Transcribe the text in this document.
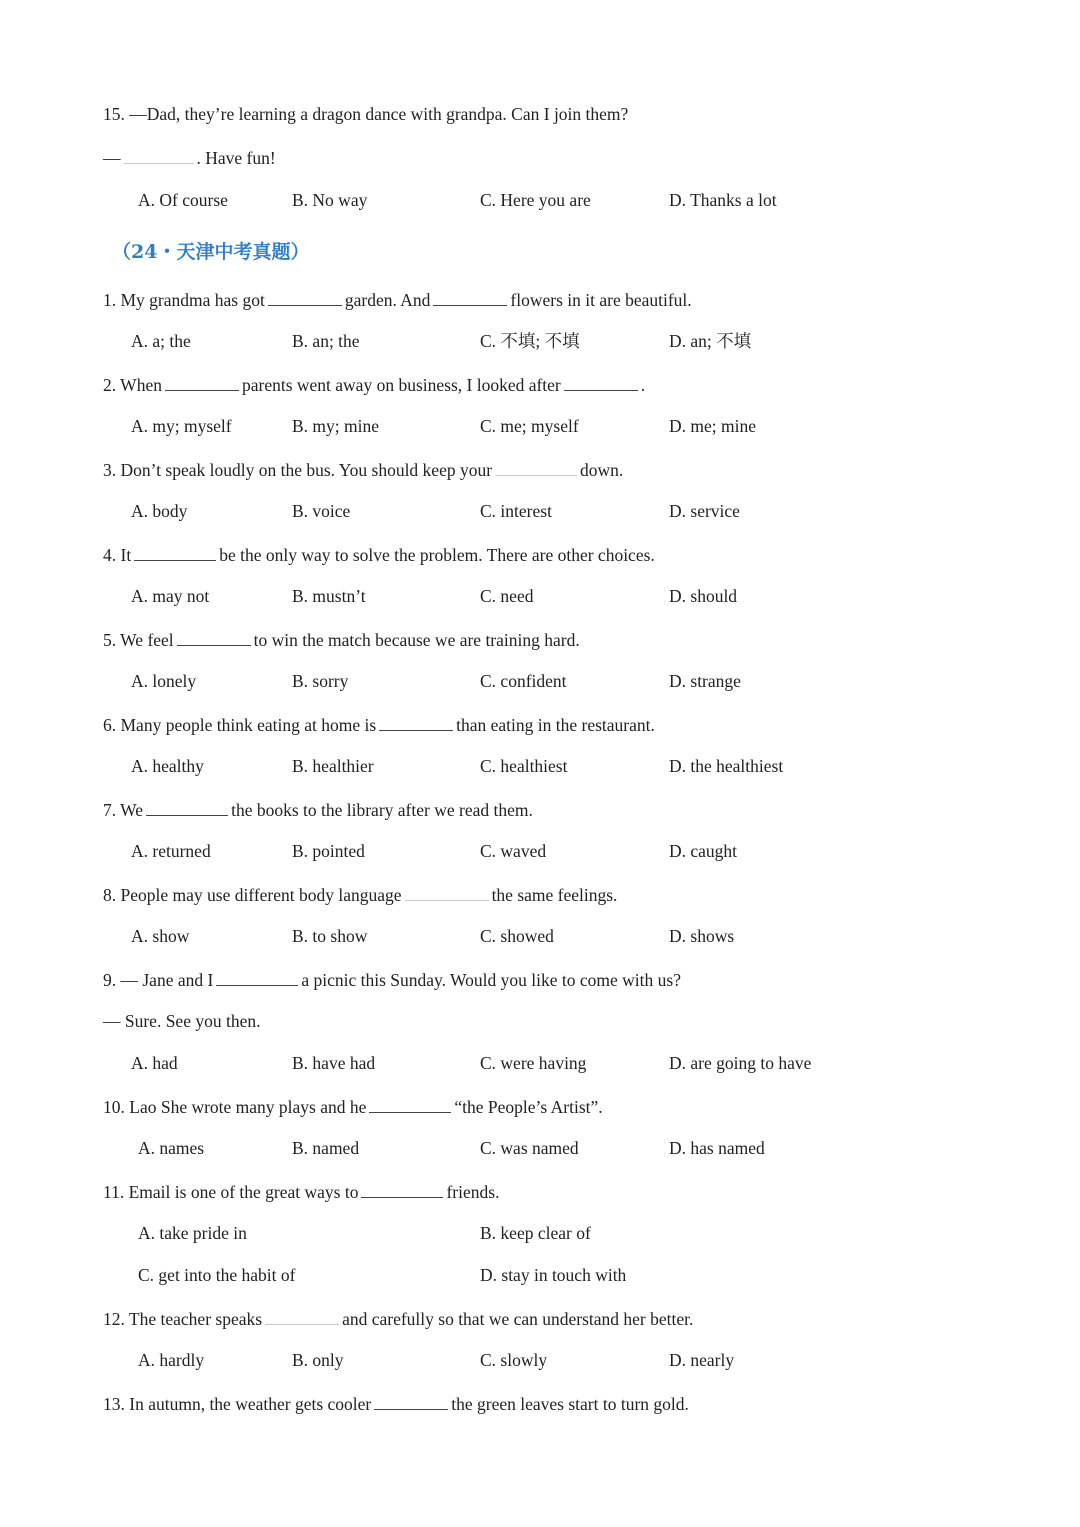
15. —Dad, they’re learning a dragon dance with grandpa. Can I join them?
—	. Have fun!
A. Of course	B. No way	C. Here you are	D. Thanks a lot
（24・天津中考真题）
1. My grandma has got	garden. And	flowers in it are beautiful.
A. a; the	B. an; the	C. 不填; 不填	D. an; 不填
2. When	parents went away on business, I looked after	.
A. my; myself	B. my; mine	C. me; myself	D. me; mine
3. Don’t speak loudly on the bus. You should keep your	down.
A. body	B. voice	C. interest	D. service
4. It	be the only way to solve the problem. There are other choices.
A. may not	B. mustn’t	C. need	D. should
5. We feel	to win the match because we are training hard.
A. lonely	B. sorry	C. confident	D. strange
6. Many people think eating at home is	than eating in the restaurant.
A. healthy	B. healthier	C. healthiest	D. the healthiest
7. We	the books to the library after we read them.
A. returned	B. pointed	C. waved	D. caught
8. People may use different body language	the same feelings.
A. show	B. to show	C. showed	D. shows
9. — Jane and I	a picnic this Sunday. Would you like to come with us?
— Sure. See you then.
A. had	B. have had	C. were having	D. are going to have
10. Lao She wrote many plays and he	“the People’s Artist”.
A. names	B. named	C. was named	D. has named
11. Email is one of the great ways to	friends.
A. take pride in	B. keep clear of
C. get into the habit of	D. stay in touch with
12. The teacher speaks	and carefully so that we can understand her better.
A. hardly	B. only	C. slowly	D. nearly
13. In autumn, the weather gets cooler	the green leaves start to turn gold.
